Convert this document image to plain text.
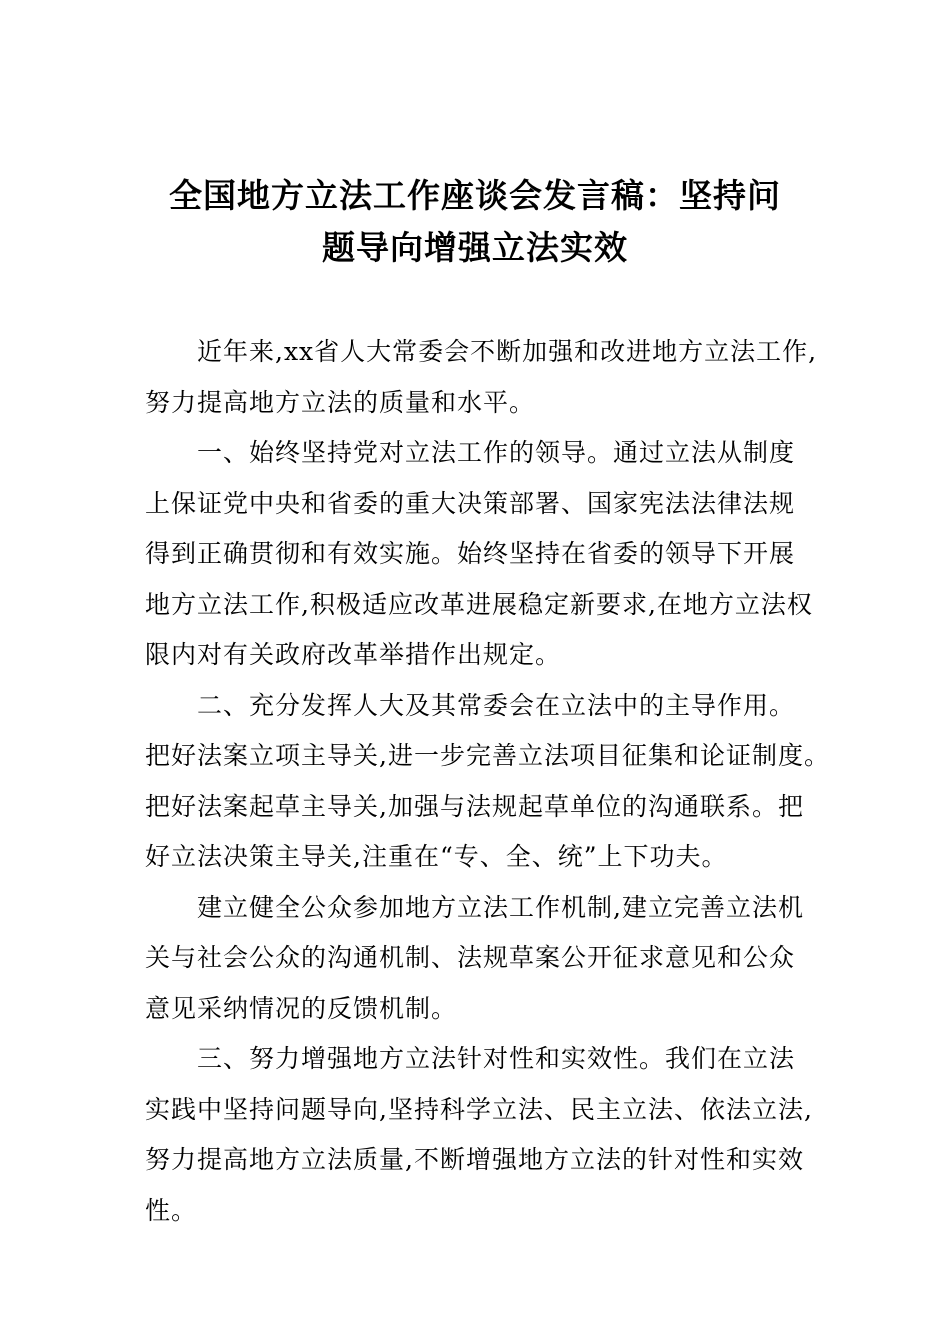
全国地方立法工作座谈会发言稿：坚持问
题导向增强立法实效

近年来,xx省人大常委会不断加强和改进地方立法工作,
努力提高地方立法的质量和水平。

一、始终坚持党对立法工作的领导。通过立法从制度
上保证党中央和省委的重大决策部署、国家宪法法律法规
得到正确贯彻和有效实施。始终坚持在省委的领导下开展
地方立法工作,积极适应改革进展稳定新要求,在地方立法权
限内对有关政府改革举措作出规定。

二、充分发挥人大及其常委会在立法中的主导作用。
把好法案立项主导关,进一步完善立法项目征集和论证制度。
把好法案起草主导关,加强与法规起草单位的沟通联系。把
好立法决策主导关,注重在“专、全、统”上下功夫。

建立健全公众参加地方立法工作机制,建立完善立法机
关与社会公众的沟通机制、法规草案公开征求意见和公众
意见采纳情况的反馈机制。

三、努力增强地方立法针对性和实效性。我们在立法
实践中坚持问题导向,坚持科学立法、民主立法、依法立法,
努力提高地方立法质量,不断增强地方立法的针对性和实效
性。
